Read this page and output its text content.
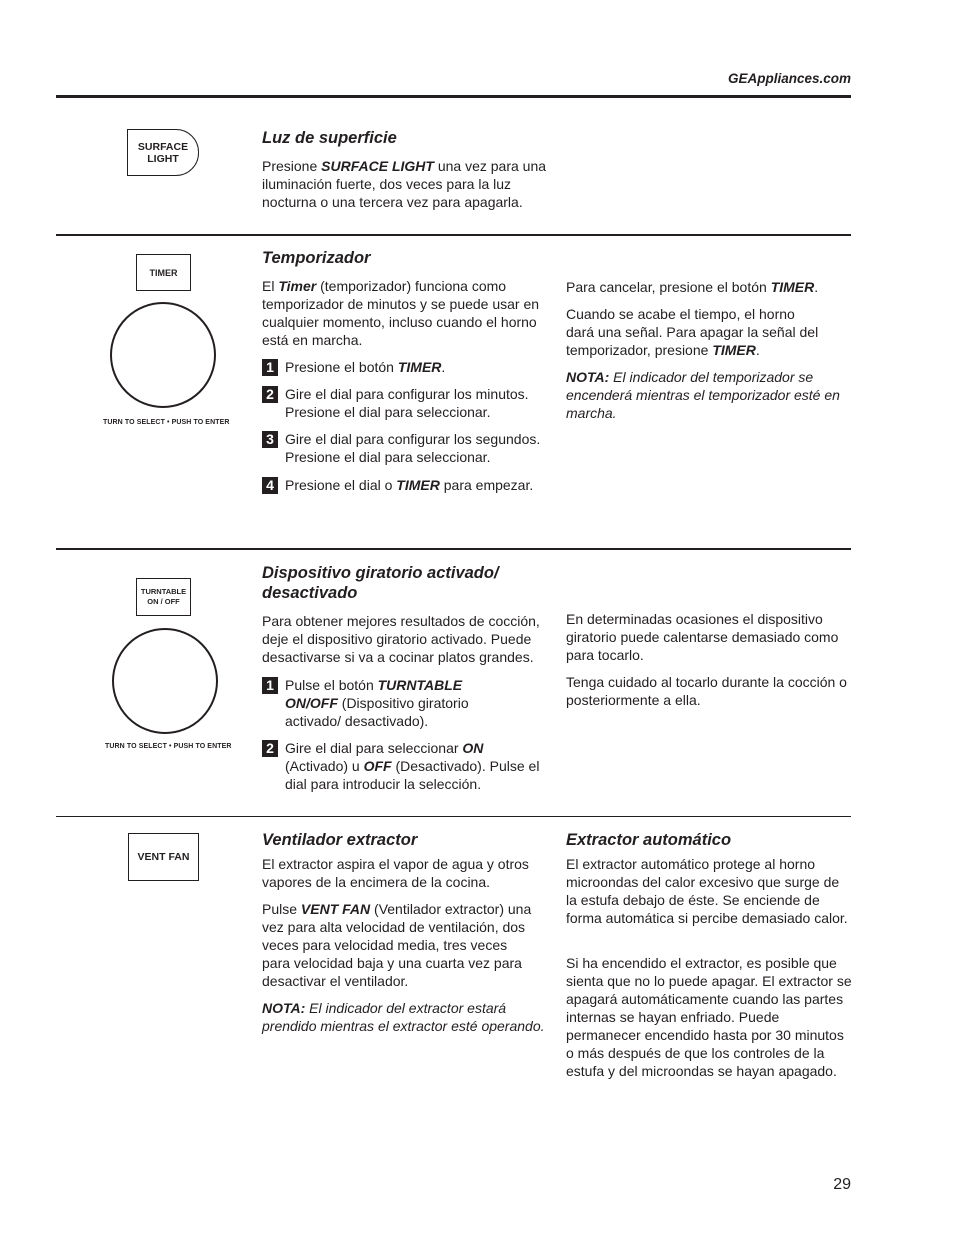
GEAppliances.com
SURFACE
LIGHT
Luz de superficie

Presione SURFACE LIGHT una vez para una iluminación fuerte, dos veces para la luz nocturna o una tercera vez para apagarla.

TIMER
TURN TO SELECT • PUSH TO ENTER
Temporizador

El Timer (temporizador) funciona como temporizador de minutos y se puede usar en cualquier momento, incluso cuando el horno está en marcha.

1 Presione el botón TIMER.
2 Gire el dial para configurar los minutos. Presione el dial para seleccionar.
3 Gire el dial para configurar los segundos. Presione el dial para seleccionar.
4 Presione el dial o TIMER para empezar.

Para cancelar, presione el botón TIMER.

Cuando se acabe el tiempo, el horno dará una señal. Para apagar la señal del temporizador, presione TIMER.

NOTA: El indicador del temporizador se encenderá mientras el temporizador esté en marcha.

TURNTABLE
ON / OFF
TURN TO SELECT • PUSH TO ENTER
Dispositivo giratorio activado/
desactivado

Para obtener mejores resultados de cocción, deje el dispositivo giratorio activado. Puede desactivarse si va a cocinar platos grandes.

1 Pulse el botón TURNTABLE ON/OFF (Dispositivo giratorio activado/ desactivado).
2 Gire el dial para seleccionar ON (Activado) u OFF (Desactivado). Pulse el dial para introducir la selección.

En determinadas ocasiones el dispositivo giratorio puede calentarse demasiado como para tocarlo.

Tenga cuidado al tocarlo durante la cocción o posteriormente a ella.

VENT FAN
Ventilador extractor

El extractor aspira el vapor de agua y otros vapores de la encimera de la cocina.

Pulse VENT FAN (Ventilador extractor) una vez para alta velocidad de ventilación, dos veces para velocidad media, tres veces para velocidad baja y una cuarta vez para desactivar el ventilador.

NOTA: El indicador del extractor estará prendido mientras el extractor esté operando.

Extractor automático

El extractor automático protege al horno microondas del calor excesivo que surge de la estufa debajo de éste. Se enciende de forma automática si percibe demasiado calor.

Si ha encendido el extractor, es posible que sienta que no lo puede apagar. El extractor se apagará automáticamente cuando las partes internas se hayan enfriado. Puede permanecer encendido hasta por 30 minutos o más después de que los controles de la estufa y del microondas se hayan apagado.

29
